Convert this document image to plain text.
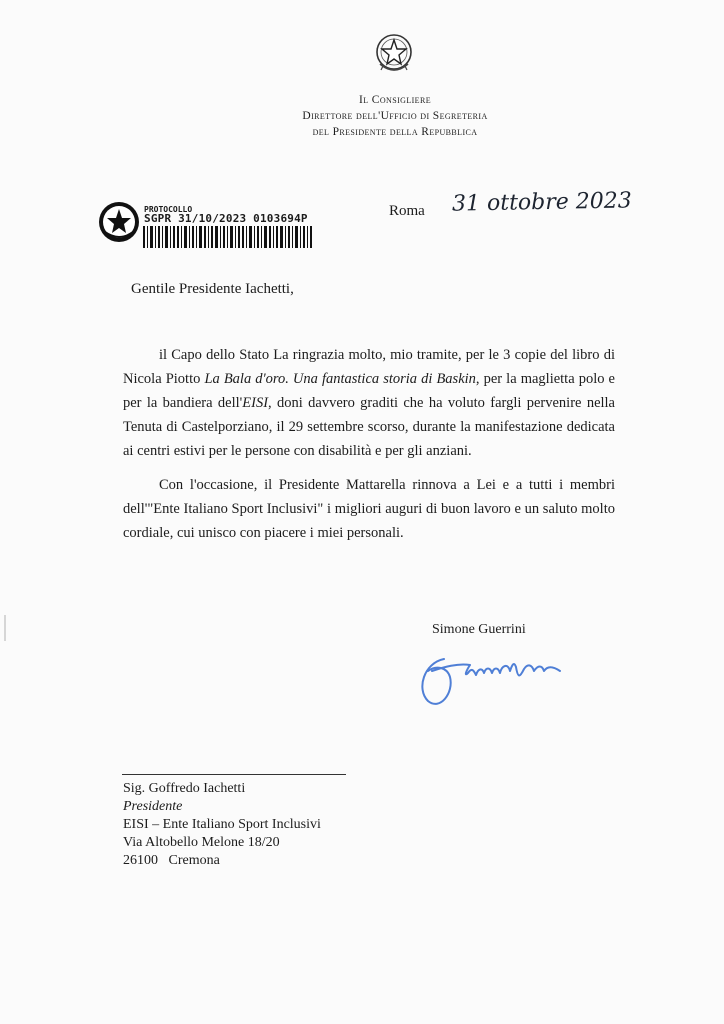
Il Consigliere
Direttore dell'Ufficio di Segreteria
del Presidente della Repubblica
PROTOCOLLO
SGPR 31/10/2023 0103694P	Roma 31 ottobre 2023
Gentile Presidente Iachetti,

il Capo dello Stato La ringrazia molto, mio tramite, per le 3 copie del libro di Nicola Piotto La Bala d'oro. Una fantastica storia di Baskin, per la maglietta polo e per la bandiera dell'EISI, doni davvero graditi che ha voluto fargli pervenire nella Tenuta di Castelporziano, il 29 settembre scorso, durante la manifestazione dedicata ai centri estivi per le persone con disabilità e per gli anziani.

Con l'occasione, il Presidente Mattarella rinnova a Lei e a tutti i membri dell'"Ente Italiano Sport Inclusivi" i migliori auguri di buon lavoro e un saluto molto cordiale, cui unisco con piacere i miei personali.

Simone Guerrini
Sig. Goffredo Iachetti
Presidente
EISI – Ente Italiano Sport Inclusivi
Via Altobello Melone 18/20
26100   Cremona
